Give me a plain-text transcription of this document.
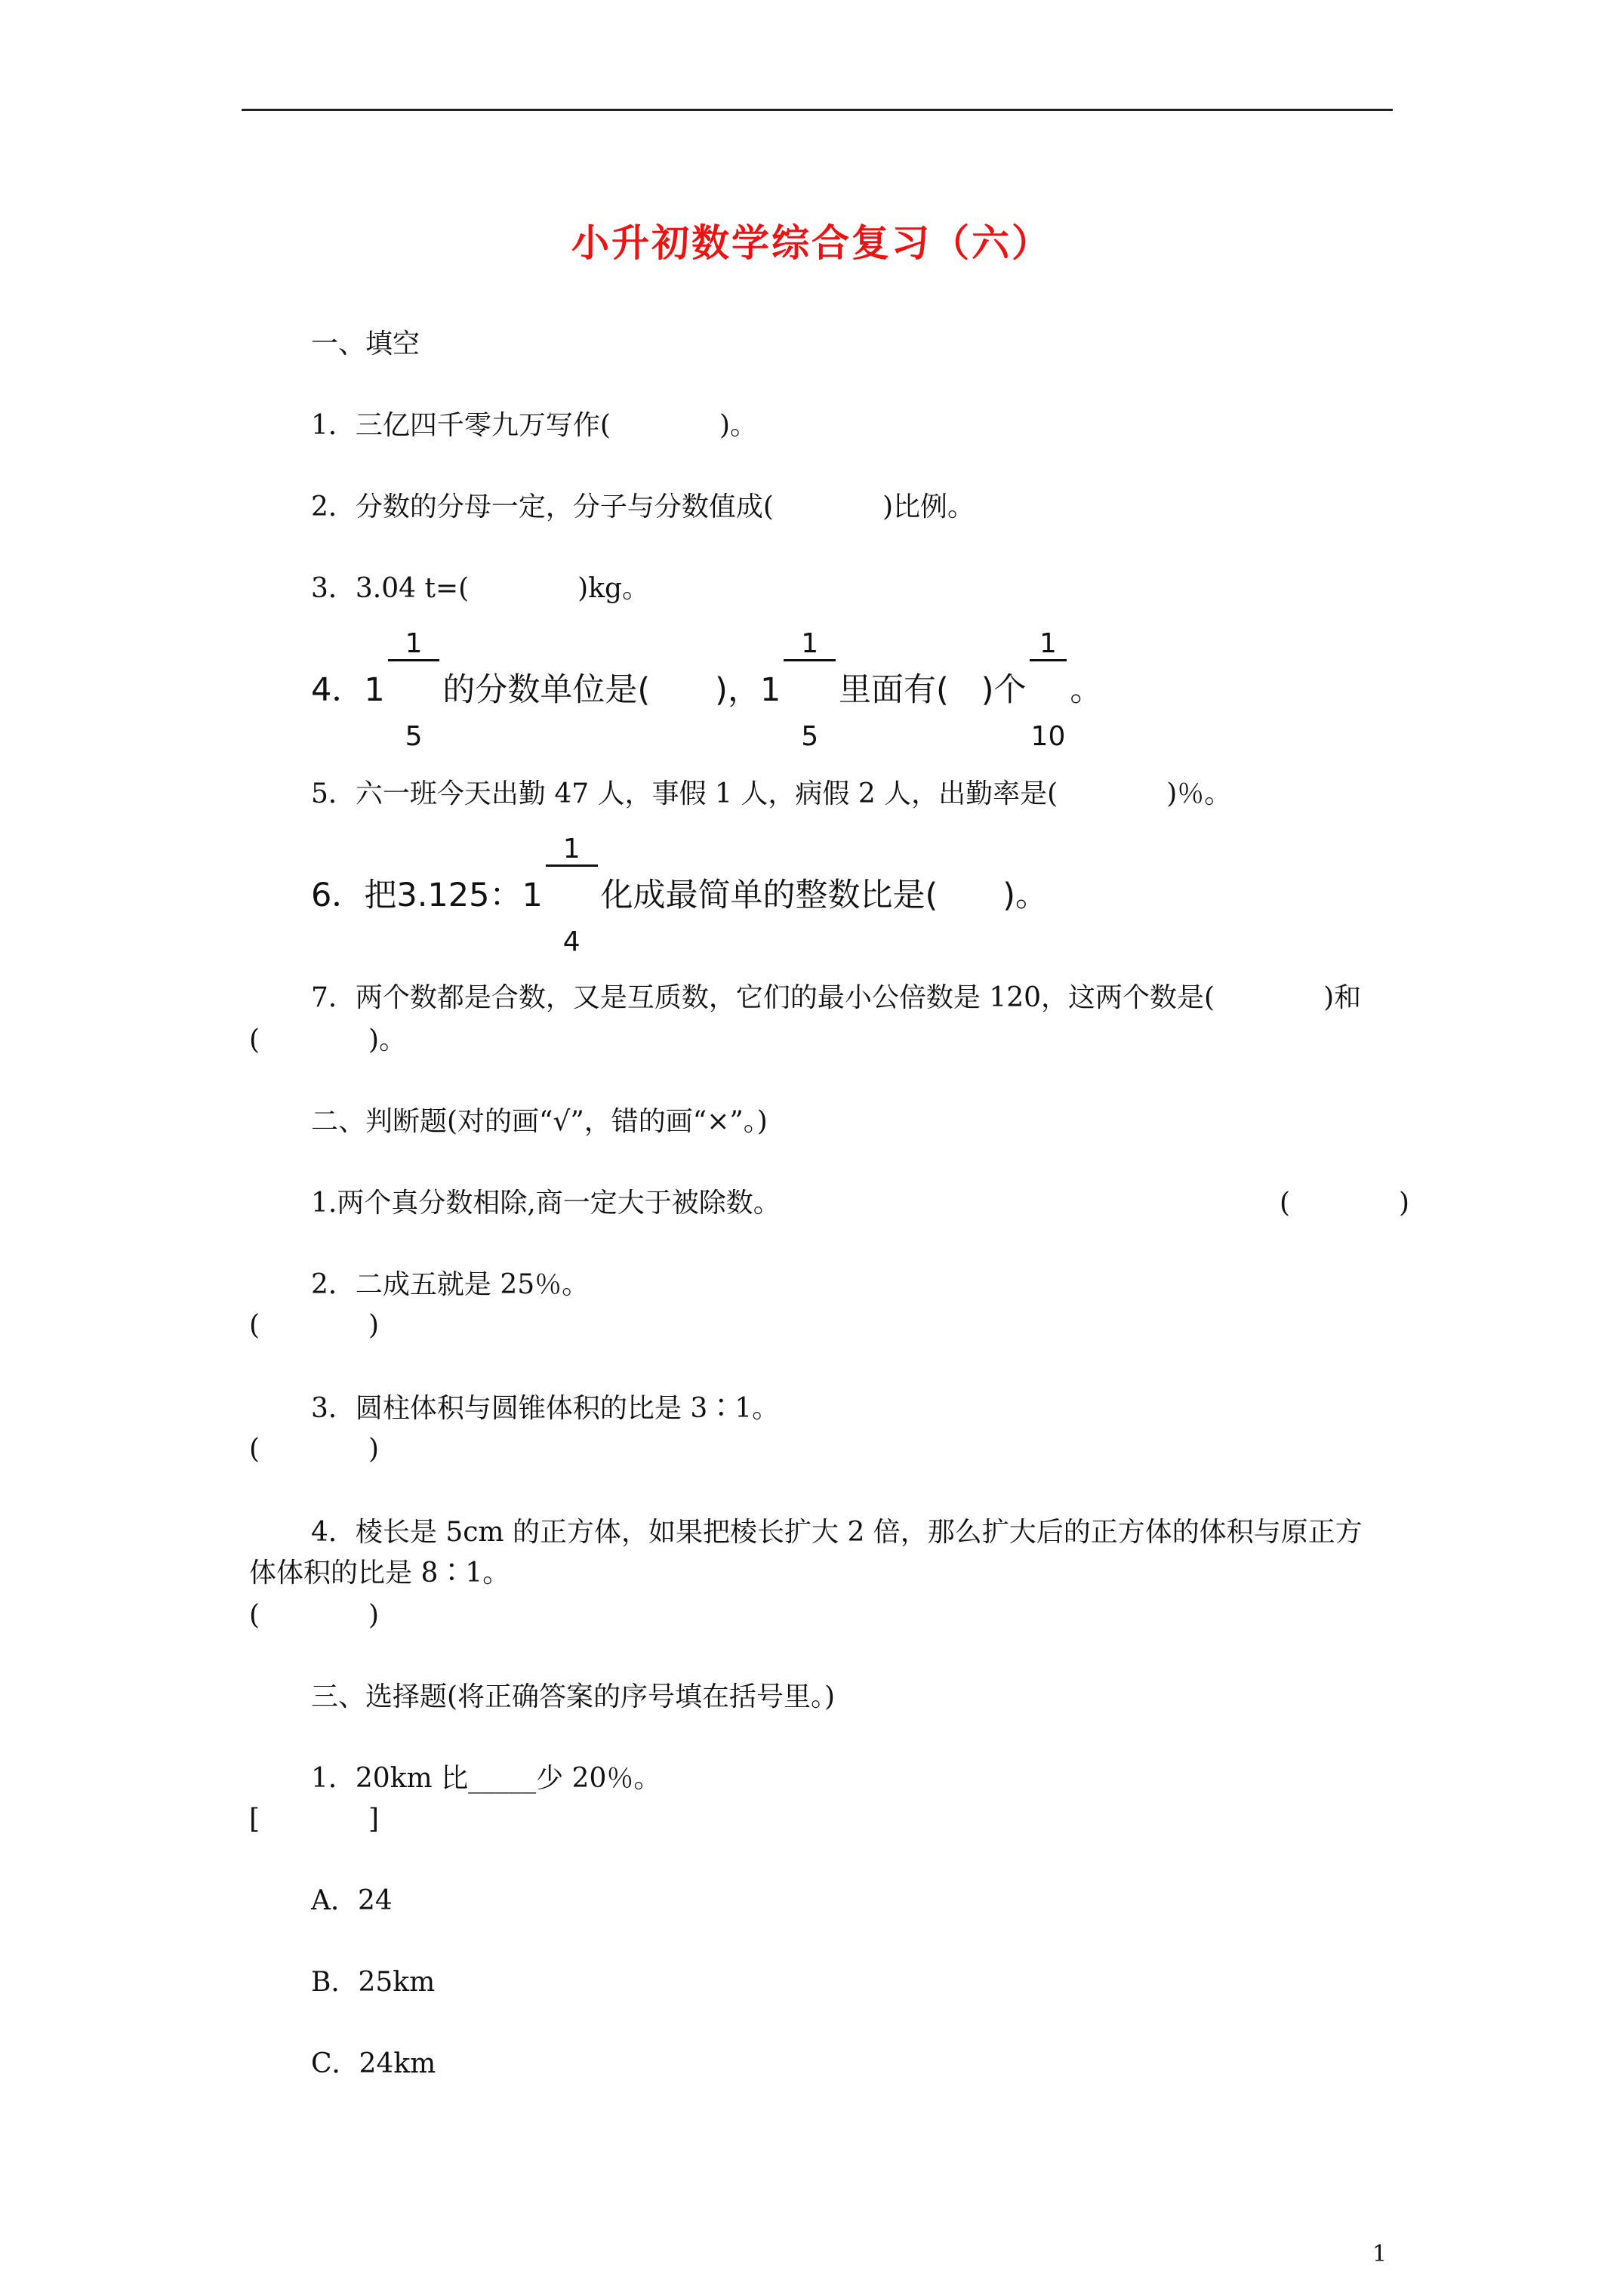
小升初数学综合复习（六）
一、填空
1．三亿四千零九万写作(　　　　)。
2．分数的分母一定，分子与分数值成(　　　　)比例。
3．3.04 t=(　　　　)kg。
4． 1

$\frac{1}{5}$

的分数单位是(　　)， 1

$\frac{1}{5}$

里面有(　)个

$\frac{1}{10}$

。
5．六一班今天出勤 47 人，事假 1 人，病假 2 人，出勤率是(　　　　)％。
6．把3.125： 1

$\frac{1}{4}$

化成最简单的整数比是(　　)。
7．两个数都是合数，又是互质数，它们的最小公倍数是 120，这两个数是(　　　　)和
(　　　　)。
二、判断题(对的画“√”，错的画“×”。)
1.两个真分数相除,商一定大于被除数。	(　　　　)
2．二成五就是 25％。
(　　　　)
3．圆柱体积与圆锥体积的比是 3∶1。
(　　　　)
4．棱长是 5cm 的正方体，如果把棱长扩大 2 倍，那么扩大后的正方体的体积与原正方
体体积的比是 8∶1。
(　　　　)
三、选择题(将正确答案的序号填在括号里。)
1．20km 比_____少 20％。
[　　　　]
A．24
B．25km
C．24km
1
